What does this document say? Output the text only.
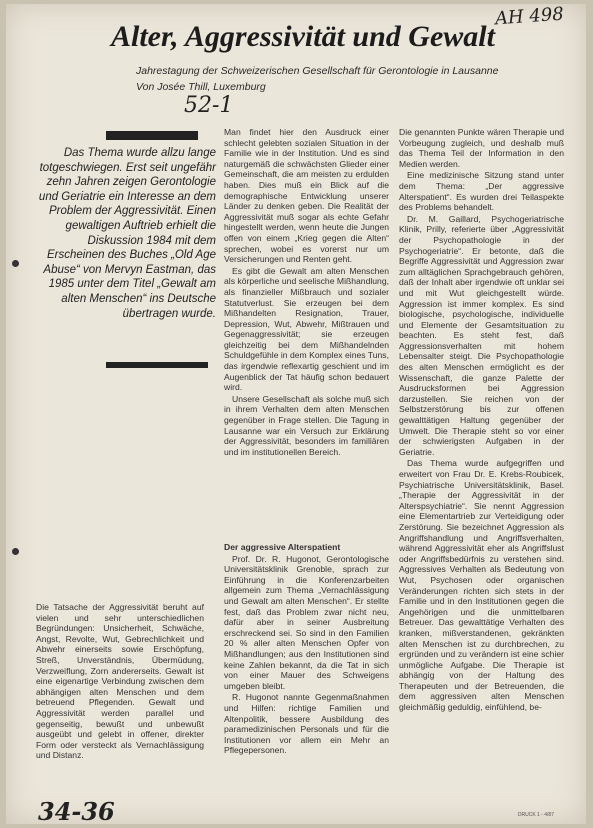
AH 498
Alter, Aggressivität und Gewalt
Jahrestagung der Schweizerischen Gesellschaft für Gerontologie in Lausanne
Von Josée Thill, Luxemburg
52-1

Das Thema wurde allzu lange totgeschwiegen. Erst seit ungefähr zehn Jahren zeigen Gerontologie und Geriatrie ein Interesse an dem Problem der Aggressivität. Einen gewaltigen Auftrieb erhielt die Diskussion 1984 mit dem Erscheinen des Buches „Old Age Abuse“ von Mervyn Eastman, das 1985 unter dem Titel „Gewalt am alten Menschen“ ins Deutsche übertragen wurde.

Man findet hier den Ausdruck einer schlecht gelebten sozialen Situation in der Familie wie in der Institution. Und es sind naturgemäß die schwächsten Glieder einer Gemeinschaft, die am meisten zu erdulden haben. Dies muß ein Blick auf die demographische Entwicklung unserer Länder zu denken geben. Die Realität der Aggressivität muß sogar als echte Gefahr hingestellt werden, wenn heute die Jungen offen von einem „Krieg gegen die Alten“ sprechen, wobei es vorerst nur um Versicherungen und Renten geht.

Es gibt die Gewalt am alten Menschen als körperliche und seelische Mißhandlung, als finanzieller Mißbrauch und sozialer Statutverlust. Sie erzeugen bei dem Mißhandelten Resignation, Trauer, Depression, Wut, Abwehr, Mißtrauen und Gegenaggressivität; sie erzeugen gleichzeitig bei dem Mißhandelnden Schuldgefühle in dem Komplex eines Tuns, das irgendwie reflexartig geschient und im Augenblick der Tat häufig schon bedauert wird.

Unsere Gesellschaft als solche muß sich in ihrem Verhalten dem alten Menschen gegenüber in Frage stellen. Die Tagung in Lausanne war ein Versuch zur Erklärung der Aggressivität, besonders im familiären und im institutionellen Bereich.

Der aggressive Alterspatient

Prof. Dr. R. Hugonot, Gerontologische Universitätsklinik Grenoble, sprach zur Einführung in die Konferenzarbeiten allgemein zum Thema „Vernachlässigung und Gewalt am alten Menschen“. Er stellte fest, daß das Problem zwar nicht neu, dafür aber in seiner Ausbreitung erschreckend sei. So sind in den Familien 20 % aller alten Menschen Opfer von Mißhandlungen; aus den Institutionen sind keine Zahlen bekannt, da die Tat in sich von einer Mauer des Schweigens umgeben bleibt.

R. Hugonot nannte Gegenmaßnahmen und Hilfen: richtige Familien und Altenpolitik, bessere Ausbildung des paramedizinischen Personals und für die Institutionen vor allem ein Mehr an Pflegepersonen.

Die Tatsache der Aggressivität beruht auf vielen und sehr unterschiedlichen Begründungen: Unsicherheit, Schwäche, Angst, Revolte, Wut, Gebrechlichkeit und Abwehr einerseits sowie Erschöpfung, Streß, Unverständnis, Übermüdung, Verzweiflung, Zorn andererseits. Gewalt ist eine eigenartige Verbindung zwischen dem abhängigen alten Menschen und dem betreuend Pflegenden. Gewalt und Aggressivität werden parallel und gegenseitig, bewußt und unbewußt ausgeübt und gelebt in offener, direkter Form oder versteckt als Vernachlässigung und Distanz.

Die genannten Punkte wären Therapie und Vorbeugung zugleich, und deshalb muß das Thema Teil der Information in den Medien werden.

Eine medizinische Sitzung stand unter dem Thema: „Der aggressive Alterspatient“. Es wurden drei Teilaspekte des Problems behandelt.

Dr. M. Gaillard, Psychogeriatrische Klinik, Prilly, referierte über „Aggressivität der Psychopathologie in der Psychogeriatrie“. Er betonte, daß die Begriffe Aggressivität und Aggression zwar zum alltäglichen Sprachgebrauch gehören, daß der Inhalt aber irgendwie oft unklar sei und mit Wut gleichgestellt würde. Aggression ist immer komplex. Es sind biologische, psychologische, individuelle und Elemente der Gesamtsituation zu beachten. Es steht fest, daß Aggressionsverhalten mit hohem Lebensalter steigt. Die Psychopathologie des alten Menschen ermöglicht es der Wissenschaft, die ganze Palette der Ausdrucksformen bei Aggression darzustellen. Sie reichen von der Selbstzerstörung bis zur offenen gewalttätigen Haltung gegenüber der Umwelt. Die Therapie steht so vor einer der schwierigsten Aufgaben in der Geriatrie.

Das Thema wurde aufgegriffen und erweitert von Frau Dr. E. Krebs-Roubicek, Psychiatrische Universitätsklinik, Basel. „Therapie der Aggressivität in der Alterspsychiatrie“. Sie nennt Aggression eine Elementartrieb zur Verteidigung oder Zerstörung. Sie bezeichnet Aggression als Angriffshandlung und Angriffsverhalten, während Aggressivität eher als Angriffslust oder Angriffsbedürfnis zu verstehen sind. Aggressives Verhalten als Bedeutung von Wut, Psychosen oder organischen Veränderungen richten sich stets in der Familie und in den Institutionen gegen die Angehörigen und die unmittelbaren Betreuer. Das gewalttätige Verhalten des kranken, mißverstandenen, gekränkten alten Menschen ist zu durchbrechen, zu ergründen und zu verändern ist eine schier unmögliche Aufgabe. Die Therapie ist abhängig von der Haltung des Therapeuten und der Betreuenden, die dem aggressiven alten Menschen gleichmäßig geduldig, einfühlend, be-

34-36	DRUCK 1 - 4/87
